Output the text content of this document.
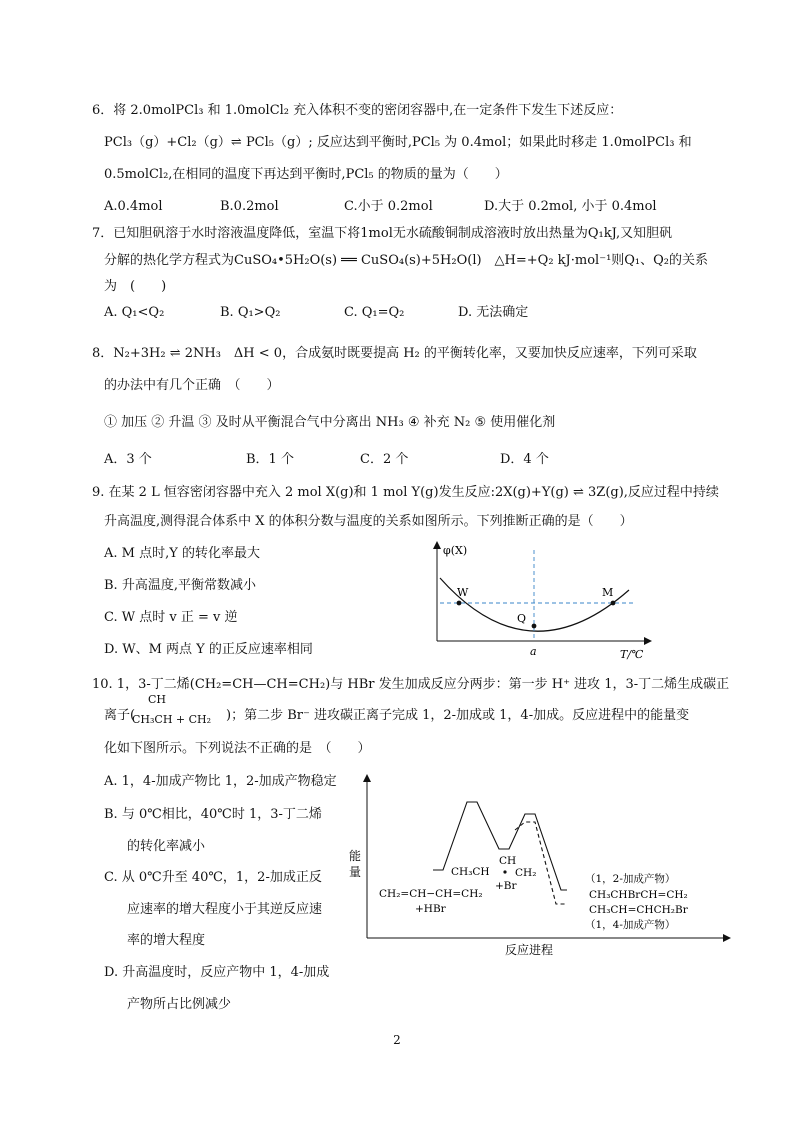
6．将 2.0molPCl₃ 和 1.0molCl₂ 充入体积不变的密闭容器中,在一定条件下发生下述反应：
PCl₃（g）+Cl₂（g）⇌ PCl₅（g）; 反应达到平衡时,PCl₅ 为 0.4mol；如果此时移走 1.0molPCl₃ 和
0.5molCl₂,在相同的温度下再达到平衡时,PCl₅ 的物质的量为（　　）
A.0.4mol	B.0.2mol	C.小于 0.2mol	D.大于 0.2mol, 小于 0.4mol
7．已知胆矾溶于水时溶液温度降低，室温下将1mol无水硫酸铜制成溶液时放出热量为Q₁kJ,又知胆矾
分解的热化学方程式为CuSO₄•5H₂O(s) ══ CuSO₄(s)+5H₂O(l)　△H=+Q₂ kJ·mol⁻¹则Q₁、Q₂的关系
为　(　　)
A. Q₁<Q₂	B. Q₁>Q₂	C. Q₁=Q₂	D. 无法确定
8．N₂+3H₂ ⇌ 2NH₃　ΔH < 0，合成氨时既要提高 H₂ 的平衡转化率，又要加快反应速率，下列可采取
的办法中有几个正确　（　　）
① 加压 ② 升温 ③ 及时从平衡混合气中分离出 NH₃ ④ 补充 N₂ ⑤ 使用催化剂
A．3 个	B．1 个	C．2 个	D．4 个
9. 在某 2 L 恒容密闭容器中充入 2 mol X(g)和 1 mol Y(g)发生反应:2X(g)+Y(g) ⇌ 3Z(g),反应过程中持续
升高温度,测得混合体系中 X 的体积分数与温度的关系如图所示。下列推断正确的是（　　）
A. M 点时,Y 的转化率最大
B. 升高温度,平衡常数减小
C. W 点时 v 正 = v 逆
D. W、M 两点 Y 的正反应速率相同
φ(X)
T/℃
W
Q
M
a
10. 1，3-丁二烯(CH₂=CH—CH=CH₂)与 HBr 发生加成反应分两步：第一步 H⁺ 进攻 1，3-丁二烯生成碳正
离子(
CH
CH₃CH + CH₂ )；第二步 Br⁻ 进攻碳正离子完成 1，2-加成或 1，4-加成。反应进程中的能量变
化如下图所示。下列说法不正确的是　（　　）
A. 1，4-加成产物比 1，2-加成产物稳定
B. 与 0℃相比，40℃时 1，3-丁二烯
的转化率减小
C. 从 0℃升至 40℃，1，2-加成正反
应速率的增大程度小于其逆反应速
率的增大程度
D. 升高温度时，反应产物中 1，4-加成
产物所占比例减少
能
量
反应进程
CH₂=CH−CH=CH₂
+HBr
CH₃CH
CH
CH₂
+Br
（1，2-加成产物）
CH₃CHBrCH=CH₂
CH₃CH=CHCH₂Br
（1，4-加成产物）
2
